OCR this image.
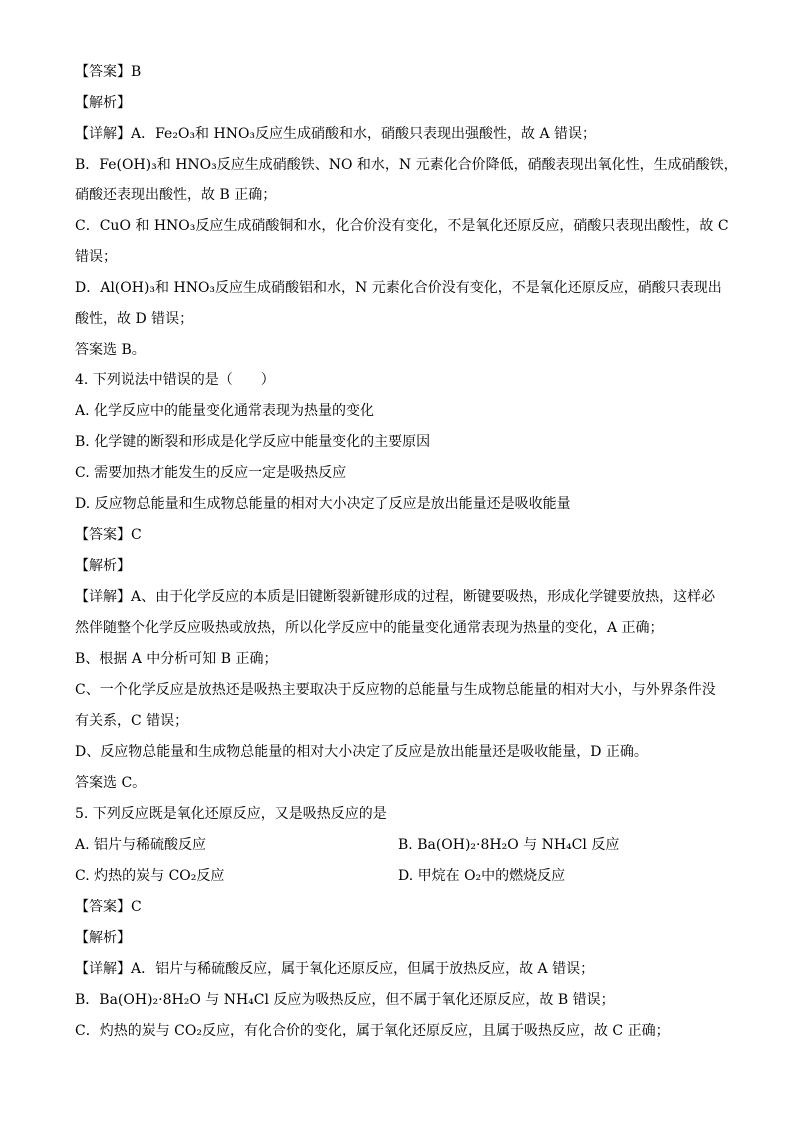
【答案】B
【解析】
【详解】A．Fe₂O₃和 HNO₃反应生成硝酸和水，硝酸只表现出强酸性，故 A 错误；
B．Fe(OH)₃和 HNO₃反应生成硝酸铁、NO 和水，N 元素化合价降低，硝酸表现出氧化性，生成硝酸铁，
硝酸还表现出酸性，故 B 正确；
C．CuO 和 HNO₃反应生成硝酸铜和水，化合价没有变化，不是氧化还原反应，硝酸只表现出酸性，故 C
错误；
D．Al(OH)₃和 HNO₃反应生成硝酸铝和水，N 元素化合价没有变化，不是氧化还原反应，硝酸只表现出
酸性，故 D 错误；
答案选 B。
4. 下列说法中错误的是（　　）
A. 化学反应中的能量变化通常表现为热量的变化
B. 化学键的断裂和形成是化学反应中能量变化的主要原因
C. 需要加热才能发生的反应一定是吸热反应
D. 反应物总能量和生成物总能量的相对大小决定了反应是放出能量还是吸收能量
【答案】C
【解析】
【详解】A、由于化学反应的本质是旧键断裂新键形成的过程，断键要吸热，形成化学键要放热，这样必
然伴随整个化学反应吸热或放热，所以化学反应中的能量变化通常表现为热量的变化，A 正确；
B、根据 A 中分析可知 B 正确；
C、一个化学反应是放热还是吸热主要取决于反应物的总能量与生成物总能量的相对大小，与外界条件没
有关系，C 错误；
D、反应物总能量和生成物总能量的相对大小决定了反应是放出能量还是吸收能量，D 正确。
答案选 C。
5. 下列反应既是氧化还原反应，又是吸热反应的是
A. 铝片与稀硫酸反应	B. Ba(OH)₂·8H₂O 与 NH₄Cl 反应
C. 灼热的炭与 CO₂反应	D. 甲烷在 O₂中的燃烧反应
【答案】C
【解析】
【详解】A．铝片与稀硫酸反应，属于氧化还原反应，但属于放热反应，故 A 错误；
B．Ba(OH)₂·8H₂O 与 NH₄Cl 反应为吸热反应，但不属于氧化还原反应，故 B 错误；
C．灼热的炭与 CO₂反应，有化合价的变化，属于氧化还原反应，且属于吸热反应，故 C 正确；
